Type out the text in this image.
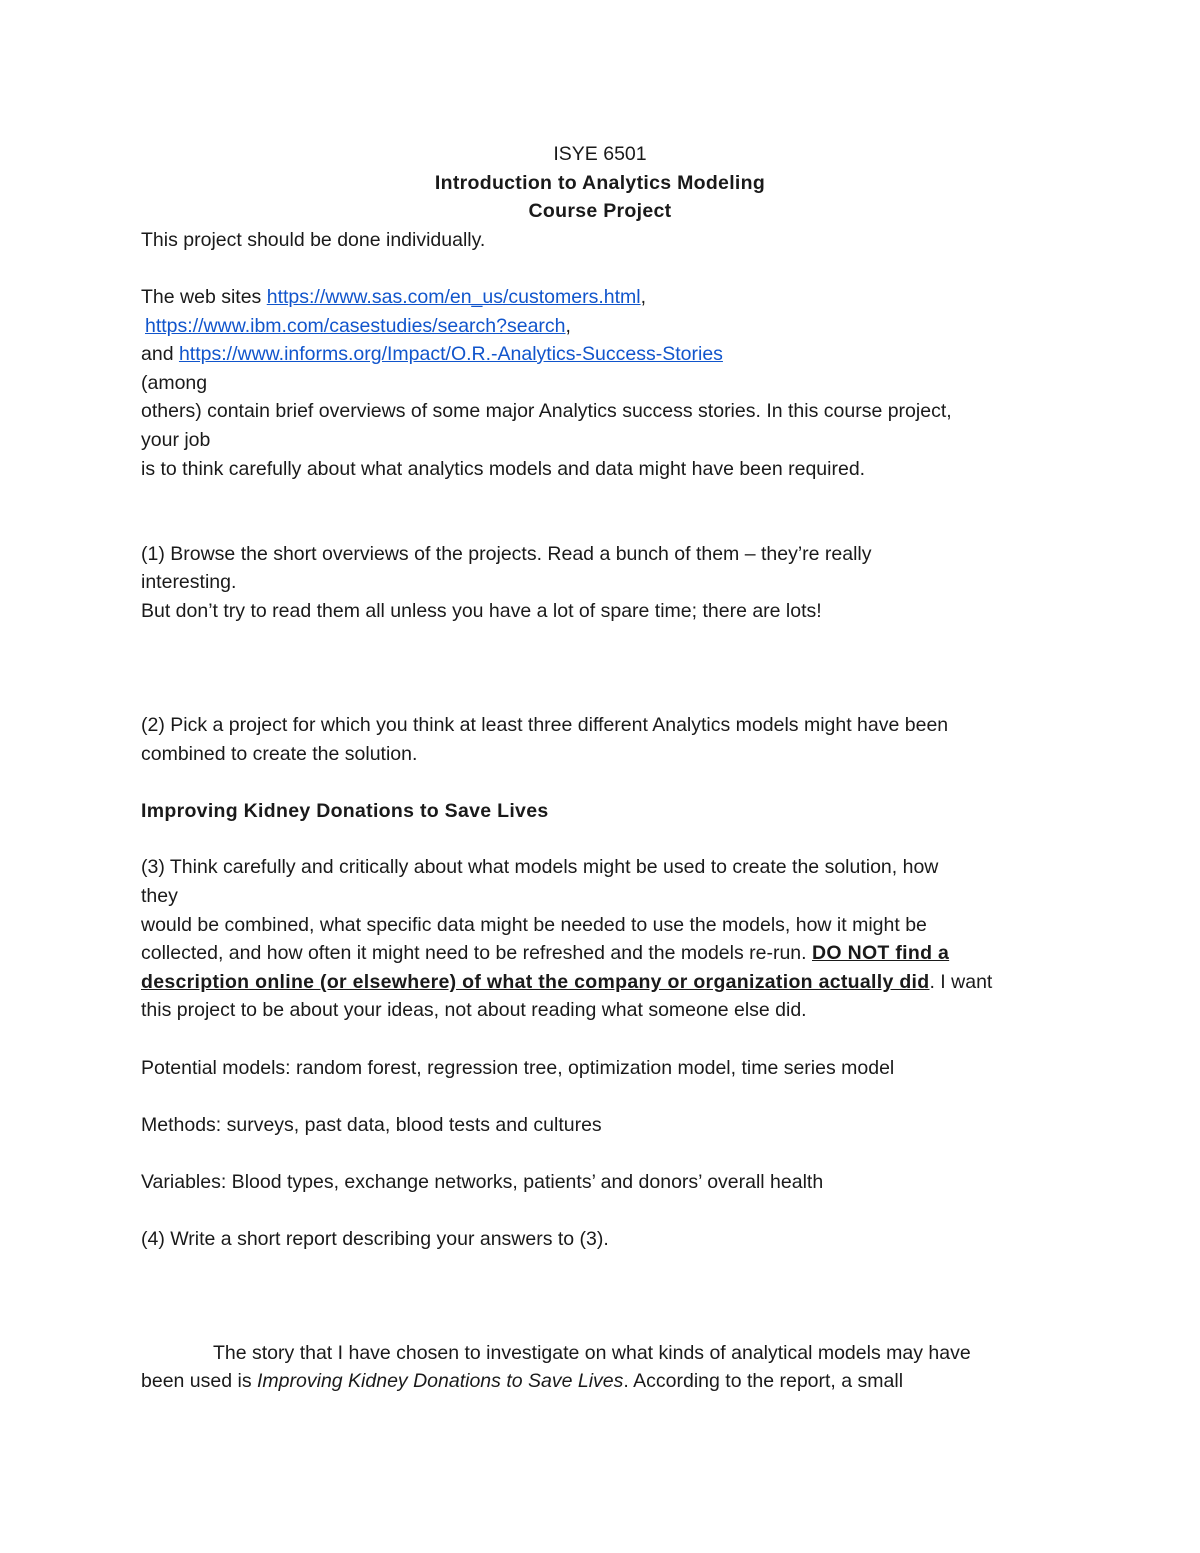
ISYE 6501
Introduction to Analytics Modeling
Course Project
This project should be done individually.
The web sites https://www.sas.com/en_us/customers.html,
https://www.ibm.com/casestudies/search?search,
and https://www.informs.org/Impact/O.R.-Analytics-Success-Stories
(among
others) contain brief overviews of some major Analytics success stories. In this course project,
your job
is to think carefully about what analytics models and data might have been required.
(1) Browse the short overviews of the projects. Read a bunch of them – they’re really
interesting.
But don’t try to read them all unless you have a lot of spare time; there are lots!
(2) Pick a project for which you think at least three different Analytics models might have been
combined to create the solution.
Improving Kidney Donations to Save Lives
(3) Think carefully and critically about what models might be used to create the solution, how
they
would be combined, what specific data might be needed to use the models, how it might be
collected, and how often it might need to be refreshed and the models re-run. DO NOT find a
description online (or elsewhere) of what the company or organization actually did. I want
this project to be about your ideas, not about reading what someone else did.
Potential models: random forest, regression tree, optimization model, time series model
Methods: surveys, past data, blood tests and cultures
Variables: Blood types, exchange networks, patients’ and donors’ overall health
(4) Write a short report describing your answers to (3).
The story that I have chosen to investigate on what kinds of analytical models may have
been used is Improving Kidney Donations to Save Lives. According to the report, a small
